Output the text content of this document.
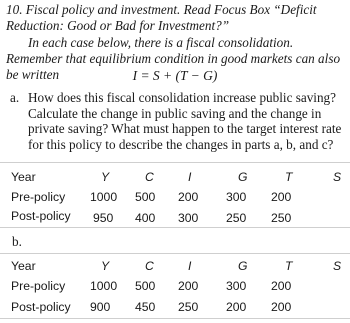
10. Fiscal policy and investment. Read Focus Box “Deficit Reduction: Good or Bad for Investment?”
In each case below, there is a fiscal consolidation. Remember that equilibrium condition in good markets can also be written	I = S + (T − G)
a. How does this fiscal consolidation increase public saving? Calculate the change in public saving and the change in private saving? What must happen to the target interest rate for this policy to describe the changes in parts a, b, and c?
Year	Y	C	I	G	T	S
Pre-policy 1000 500 200 300 200
Post-policy 950 400 300 250 250
b.
Year	Y	C	I	G	T	S
Pre-policy 1000 500 200 300 200
Post-policy 900 450 250 200 200
